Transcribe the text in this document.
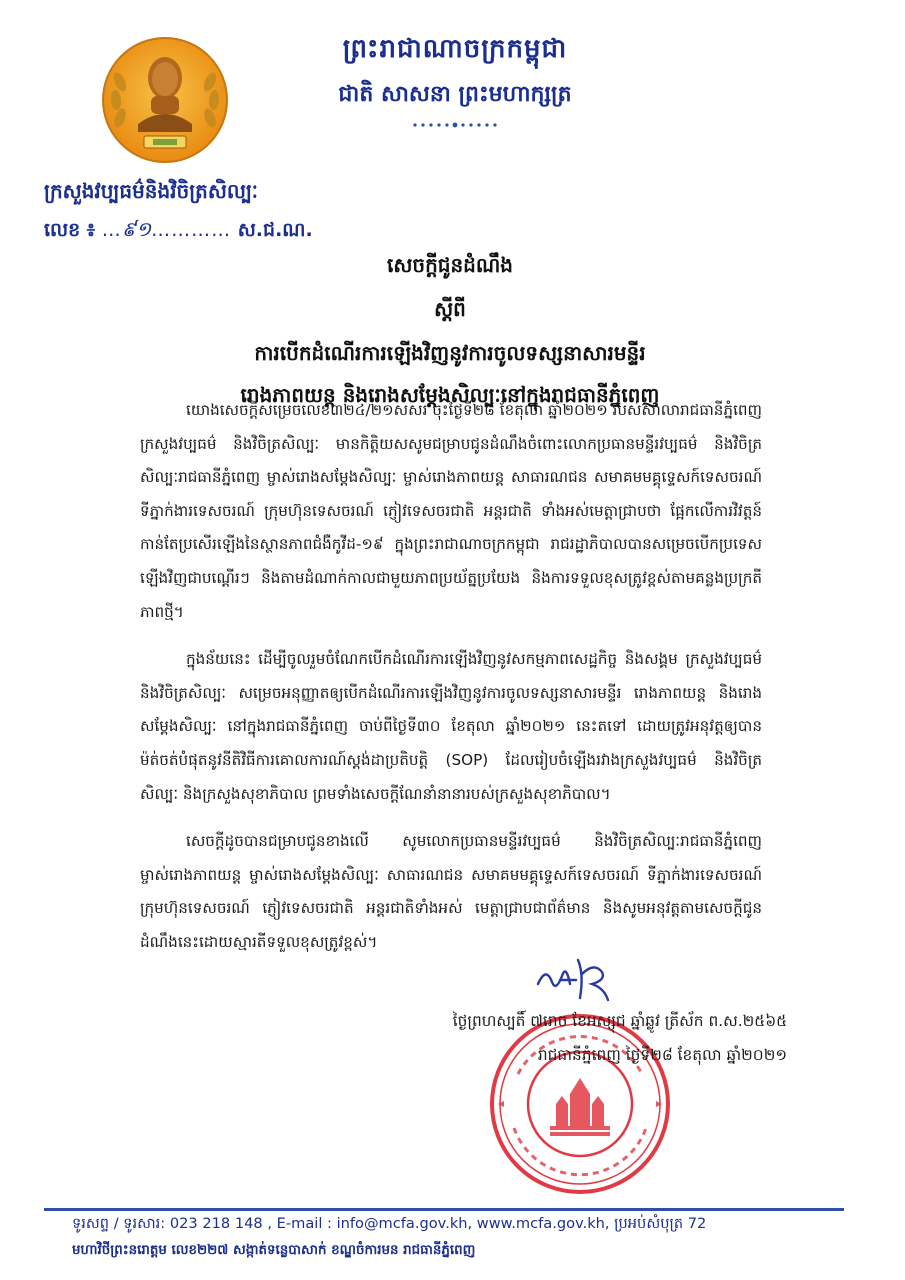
ព្រះរាជាណាចក្រកម្ពុជា
ជាតិ សាសនា ព្រះមហាក្សត្រ
ក្រសួងវប្បធម៌និងវិចិត្រសិល្បៈ
លេខ ៖ …៩១………… ស.ជ.ណ.
សេចក្ដីជូនដំណឹង
ស្ដីពី
ការបើកដំណើរការឡើងវិញនូវការចូលទស្សនាសារមន្ទីរ
រោងភាពយន្ត និងរោងសម្ដែងសិល្បៈនៅក្នុងរាជធានីភ្នំពេញ

យោងសេចក្ដីសម្រេចលេខ៣២៤/២១សសរ ចុះថ្ងៃទី២៨ ខែតុលា ឆ្នាំ២០២១ របស់សាលារាជធានីភ្នំពេញ ក្រសួងវប្បធម៌ និងវិចិត្រសិល្បៈ មានកិត្តិយសសូមជម្រាបជូនដំណឹងចំពោះលោកប្រធានមន្ទីរវប្បធម៌ និងវិចិត្រសិល្បៈរាជធានីភ្នំពេញ ម្ចាស់រោងសម្ដែងសិល្បៈ ម្ចាស់រោងភាពយន្ត សាធារណជន សមាគមមគ្គុទ្ទេសក៍ទេសចរណ៍ ទីភ្នាក់ងារទេសចរណ៍ ក្រុមហ៊ុនទេសចរណ៍ ភ្ញៀវទេសចរជាតិ អន្តរជាតិ ទាំងអស់មេត្តាជ្រាបថា ផ្អែកលើការវិវត្តន៍កាន់តែប្រសើរឡើងនៃស្ថានភាពជំងឺកូវីដ-១៩ ក្នុងព្រះរាជាណាចក្រកម្ពុជា រាជរដ្ឋាភិបាលបានសម្រេចបើកប្រទេសឡើងវិញជាបណ្ដើរៗ និងតាមដំណាក់កាលជាមួយភាពប្រយ័ត្នប្រយែង និងការទទួលខុសត្រូវខ្ពស់តាមគន្លងប្រក្រតីភាពថ្មី។

ក្នុងន័យនេះ ដើម្បីចូលរួមចំណែកបើកដំណើរការឡើងវិញនូវសកម្មភាពសេដ្ឋកិច្ច និងសង្គម ក្រសួងវប្បធម៌ និងវិចិត្រសិល្បៈ សម្រេចអនុញ្ញាតឲ្យបើកដំណើរការឡើងវិញនូវការចូលទស្សនាសារមន្ទីរ រោងភាពយន្ត និងរោងសម្ដែងសិល្បៈ នៅក្នុងរាជធានីភ្នំពេញ ចាប់ពីថ្ងៃទី៣០ ខែតុលា ឆ្នាំ២០២១ នេះតទៅ ដោយត្រូវអនុវត្តឲ្យបានម៉ត់ចត់បំផុតនូវនីតិវិធីការគោលការណ៍ស្តង់ដាប្រតិបត្តិ (SOP) ដែលរៀបចំឡើងរវាងក្រសួងវប្បធម៌ និងវិចិត្រសិល្បៈ និងក្រសួងសុខាភិបាល ព្រមទាំងសេចក្ដីណែនាំនានារបស់ក្រសួងសុខាភិបាល។

សេចក្ដីដូចបានជម្រាបជូនខាងលើ សូមលោកប្រធានមន្ទីរវប្បធម៌ និងវិចិត្រសិល្បៈរាជធានីភ្នំពេញ ម្ចាស់រោងភាពយន្ត ម្ចាស់រោងសម្ដែងសិល្បៈ សាធារណជន សមាគមមគ្គុទ្ទេសក៍ទេសចរណ៍ ទីភ្នាក់ងារទេសចរណ៍ ក្រុមហ៊ុនទេសចរណ៍ ភ្ញៀវទេសចរជាតិ អន្តរជាតិទាំងអស់ មេត្តាជ្រាបជាព័ត៌មាន និងសូមអនុវត្តតាមសេចក្ដីជូនដំណឹងនេះដោយស្មារតីទទួលខុសត្រូវខ្ពស់។

ថ្ងៃព្រហស្បតិ៍ ៧រោច ខែអស្សុជ ឆ្នាំឆ្លូវ ត្រីស័ក ព.ស.២៥៦៥
រាជធានីភ្នំពេញ ថ្ងៃទី២៨ ខែតុលា ឆ្នាំ២០២១
ទូរសព្ទ / ទូរសារ: 023 218 148 , E-mail : info@mcfa.gov.kh, www.mcfa.gov.kh, ប្រអប់សំបុត្រ 72
មហាវិថីព្រះនរោត្តម លេខ២២៧ សង្កាត់ទន្លេបាសាក់ ខណ្ឌចំការមន រាជធានីភ្នំពេញ
